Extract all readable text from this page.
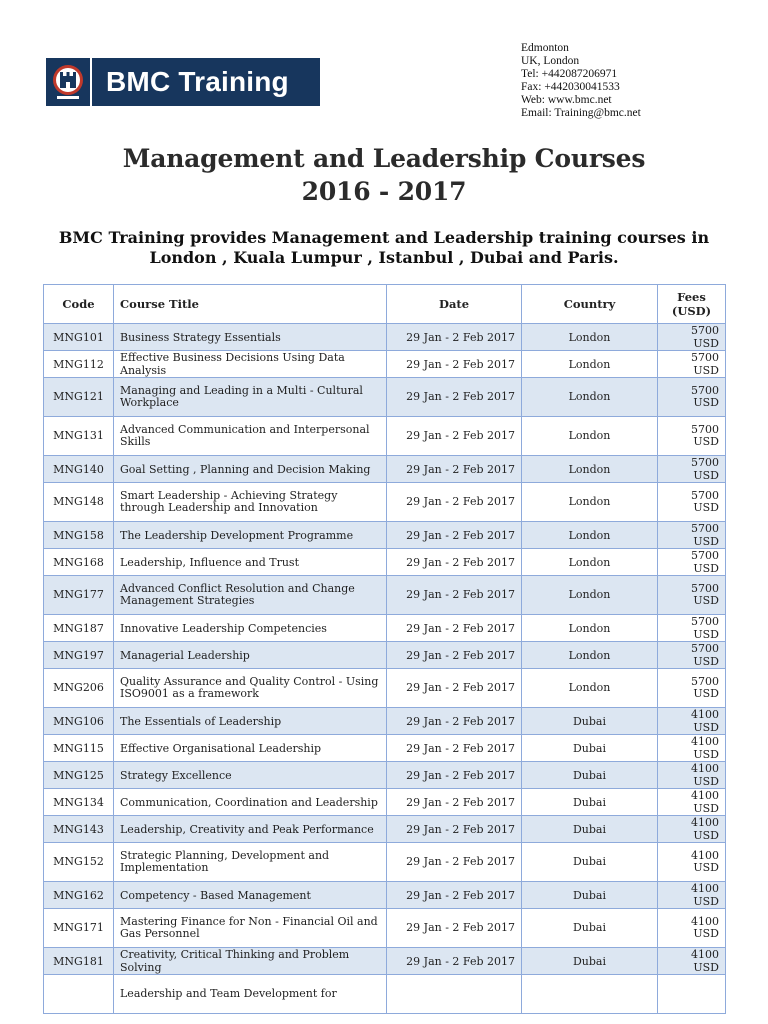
BMC Training
Edmonton
UK, London
Tel: +442087206971
Fax: +442030041533
Web: www.bmc.net
Email: Training@bmc.net
Management and Leadership Courses
2016 - 2017
BMC Training provides Management and Leadership training courses in London , Kuala Lumpur , Istanbul , Dubai and Paris.
Code	Course Title	Date	Country	Fees (USD)
MNG101	Business Strategy Essentials	29 Jan - 2 Feb 2017	London	5700 USD
MNG112	Effective Business Decisions Using Data Analysis	29 Jan - 2 Feb 2017	London	5700 USD
MNG121	Managing and Leading in a Multi - Cultural Workplace	29 Jan - 2 Feb 2017	London	5700 USD
MNG131	Advanced Communication and Interpersonal Skills	29 Jan - 2 Feb 2017	London	5700 USD
MNG140	Goal Setting , Planning and Decision Making	29 Jan - 2 Feb 2017	London	5700 USD
MNG148	Smart Leadership - Achieving Strategy through Leadership and Innovation	29 Jan - 2 Feb 2017	London	5700 USD
MNG158	The Leadership Development Programme	29 Jan - 2 Feb 2017	London	5700 USD
MNG168	Leadership, Influence and Trust	29 Jan - 2 Feb 2017	London	5700 USD
MNG177	Advanced Conflict Resolution and Change Management Strategies	29 Jan - 2 Feb 2017	London	5700 USD
MNG187	Innovative Leadership Competencies	29 Jan - 2 Feb 2017	London	5700 USD
MNG197	Managerial Leadership	29 Jan - 2 Feb 2017	London	5700 USD
MNG206	Quality Assurance and Quality Control - Using ISO9001 as a framework	29 Jan - 2 Feb 2017	London	5700 USD
MNG106	The Essentials of Leadership	29 Jan - 2 Feb 2017	Dubai	4100 USD
MNG115	Effective Organisational Leadership	29 Jan - 2 Feb 2017	Dubai	4100 USD
MNG125	Strategy Excellence	29 Jan - 2 Feb 2017	Dubai	4100 USD
MNG134	Communication, Coordination and Leadership	29 Jan - 2 Feb 2017	Dubai	4100 USD
MNG143	Leadership, Creativity and Peak Performance	29 Jan - 2 Feb 2017	Dubai	4100 USD
MNG152	Strategic Planning, Development and Implementation	29 Jan - 2 Feb 2017	Dubai	4100 USD
MNG162	Competency - Based Management	29 Jan - 2 Feb 2017	Dubai	4100 USD
MNG171	Mastering Finance for Non - Financial Oil and Gas Personnel	29 Jan - 2 Feb 2017	Dubai	4100 USD
MNG181	Creativity, Critical Thinking and Problem Solving	29 Jan - 2 Feb 2017	Dubai	4100 USD
	Leadership and Team Development for			
